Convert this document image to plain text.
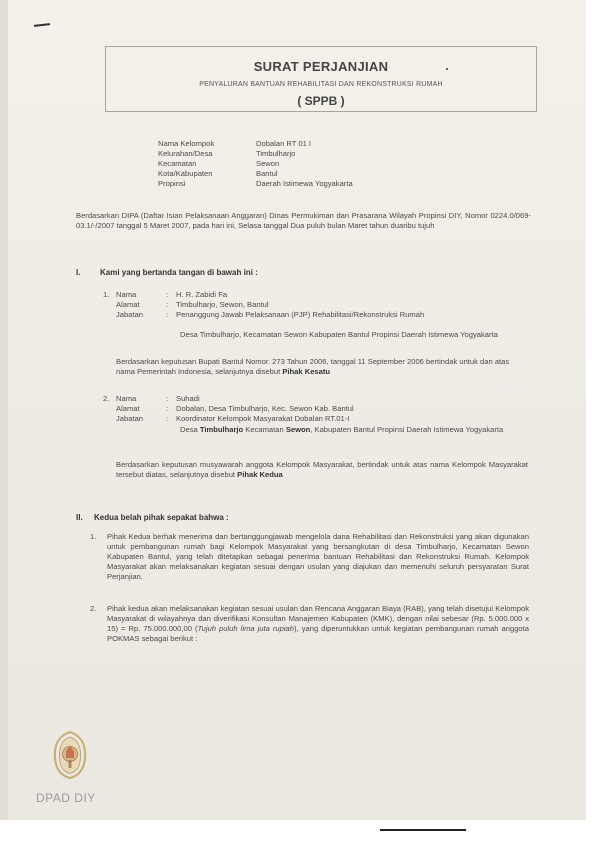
SURAT PERJANJIAN
PENYALURAN BANTUAN REHABILITASI DAN REKONSTRUKSI RUMAH
( SPPB )
Nama Kelompok	Dobalan RT 01 I
Kelurahan/Desa	Timbulharjo
Kecamatan	Sewon
Kota/Kabupaten	Bantul
Propinsi	Daerah Istimewa Yogyakarta
Berdasarkan DIPA (Daftar Isian Pelaksanaan Anggaran) Dinas Permukiman dan Prasarana Wilayah Propinsi DIY, Nomor 0224.0/069-03.1/-/2007 tanggal 5 Maret 2007, pada hari ini, Selasa tanggal Dua puluh bulan Maret tahun duaribu tujuh
I. Kami yang bertanda tangan di bawah ini :
1. Nama	:	H. R. Zabidi Fa
Alamat	:	Timbulharjo, Sewon, Bantul
Jabatan	:	Penanggung Jawab Pelaksanaan (PJP) Rehabilitasi/Rekonstruksi Rumah
Desa Timbulharjo, Kecamatan Sewon Kabupaten Bantul Propinsi Daerah Istimewa Yogyakarta
Berdasarkan keputusan Bupati Bantul Nomor. 273 Tahun 2006, tanggal 11 September 2006 bertindak untuk dan atas nama Pemerintah Indonesia, selanjutnya disebut Pihak Kesatu
2. Nama	:	Suhadi
Alamat	:	Dobalan, Desa Timbulharjo, Kec. Sewon Kab. Bantul
Jabatan	:	Koordinator Kelompok Masyarakat Dobalan RT.01-I
Desa Timbulharjo Kecamatan Sewon, Kabupaten Bantul Propinsi Daerah Istimewa Yogyakarta
Berdasarkan keputusan musyawarah anggota Kelompok Masyarakat, bertindak untuk atas nama Kelompok Masyarakat tersebut diatas, selanjutnya disebut Pihak Kedua
II. Kedua belah pihak sepakat bahwa :
1. Pihak Kedua berhak menerima dan bertanggungjawab mengelola dana Rehabilitasi dan Rekonstruksi yang akan digunakan untuk pembangunan rumah bagi Kelompok Masyarakat yang bersangkutan di desa Timbulharjo, Kecamatan Sewon Kabupaten Bantul, yang telah ditetapkan sebagai penerima bantuan Rehabilitasi dan Rekonstruksi Rumah. Kelompok Masyarakat akan melaksanakan kegiatan sesuai dengan usulan yang diajukan dan memenuhi seluruh persyaratan Surat Perjanjian.
2. Pihak kedua akan melaksanakan kegiatan sesuai usulan dan Rencana Anggaran Biaya (RAB), yang telah disetujui Kelompok Masyarakat di wilayahnya dan diverifikasi Konsultan Manajemen Kabupaten (KMK), dengan nilai sebesar (Rp. 5.000.000 x 15) = Rp. 75.000.000,00 (Tujuh puluh lima juta rupiah), yang diperuntukkan untuk kegiatan pembangunan rumah anggota POKMAS sebagai berikut :
DPAD DIY
